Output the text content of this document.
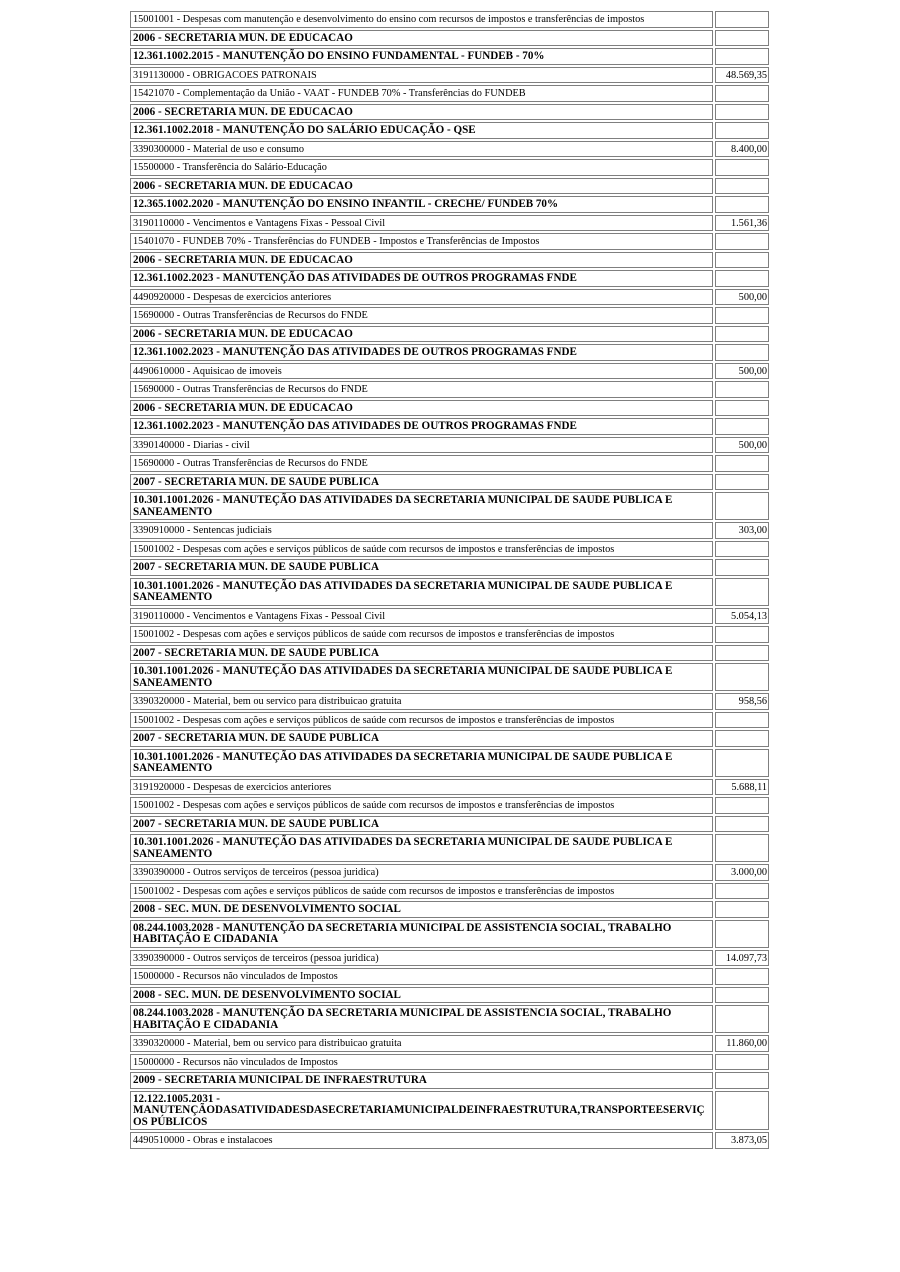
15001001 - Despesas com manutenção e desenvolvimento do ensino com recursos de impostos e transferências de impostos
2006 - SECRETARIA MUN. DE EDUCACAO
12.361.1002.2015 - MANUTENÇÃO DO ENSINO FUNDAMENTAL - FUNDEB - 70%
3191130000 - OBRIGACOES PATRONAIS	48.569,35
15421070 - Complementação da União - VAAT - FUNDEB 70% - Transferências do FUNDEB
2006 - SECRETARIA MUN. DE EDUCACAO
12.361.1002.2018 - MANUTENÇÃO DO SALÁRIO EDUCAÇÃO - QSE
3390300000 - Material de uso e consumo	8.400,00
15500000 - Transferência do Salário-Educação
2006 - SECRETARIA MUN. DE EDUCACAO
12.365.1002.2020 - MANUTENÇÃO DO ENSINO INFANTIL - CRECHE/ FUNDEB 70%
3190110000 - Vencimentos e Vantagens Fixas - Pessoal Civil	1.561,36
15401070 - FUNDEB 70% - Transferências do FUNDEB - Impostos e Transferências de Impostos
2006 - SECRETARIA MUN. DE EDUCACAO
12.361.1002.2023 - MANUTENÇÃO DAS ATIVIDADES DE OUTROS PROGRAMAS FNDE
4490920000 - Despesas de exercicios anteriores	500,00
15690000 - Outras Transferências de Recursos do FNDE
2006 - SECRETARIA MUN. DE EDUCACAO
12.361.1002.2023 - MANUTENÇÃO DAS ATIVIDADES DE OUTROS PROGRAMAS FNDE
4490610000 - Aquisicao de imoveis	500,00
15690000 - Outras Transferências de Recursos do FNDE
2006 - SECRETARIA MUN. DE EDUCACAO
12.361.1002.2023 - MANUTENÇÃO DAS ATIVIDADES DE OUTROS PROGRAMAS FNDE
3390140000 - Diarias - civil	500,00
15690000 - Outras Transferências de Recursos do FNDE
2007 - SECRETARIA MUN. DE SAUDE PUBLICA
10.301.1001.2026 - MANUTEÇÃO DAS ATIVIDADES DA SECRETARIA MUNICIPAL DE SAUDE PUBLICA E SANEAMENTO
3390910000 - Sentencas judiciais	303,00
15001002 - Despesas com ações e serviços públicos de saúde com recursos de impostos e transferências de impostos
2007 - SECRETARIA MUN. DE SAUDE PUBLICA
10.301.1001.2026 - MANUTEÇÃO DAS ATIVIDADES DA SECRETARIA MUNICIPAL DE SAUDE PUBLICA E SANEAMENTO
3190110000 - Vencimentos e Vantagens Fixas - Pessoal Civil	5.054,13
15001002 - Despesas com ações e serviços públicos de saúde com recursos de impostos e transferências de impostos
2007 - SECRETARIA MUN. DE SAUDE PUBLICA
10.301.1001.2026 - MANUTEÇÃO DAS ATIVIDADES DA SECRETARIA MUNICIPAL DE SAUDE PUBLICA E SANEAMENTO
3390320000 - Material, bem ou servico para distribuicao gratuita	958,56
15001002 - Despesas com ações e serviços públicos de saúde com recursos de impostos e transferências de impostos
2007 - SECRETARIA MUN. DE SAUDE PUBLICA
10.301.1001.2026 - MANUTEÇÃO DAS ATIVIDADES DA SECRETARIA MUNICIPAL DE SAUDE PUBLICA E SANEAMENTO
3191920000 - Despesas de exercicios anteriores	5.688,11
15001002 - Despesas com ações e serviços públicos de saúde com recursos de impostos e transferências de impostos
2007 - SECRETARIA MUN. DE SAUDE PUBLICA
10.301.1001.2026 - MANUTEÇÃO DAS ATIVIDADES DA SECRETARIA MUNICIPAL DE SAUDE PUBLICA E SANEAMENTO
3390390000 - Outros serviços de terceiros (pessoa juridica)	3.000,00
15001002 - Despesas com ações e serviços públicos de saúde com recursos de impostos e transferências de impostos
2008 - SEC. MUN. DE DESENVOLVIMENTO SOCIAL
08.244.1003.2028 - MANUTENÇÃO DA SECRETARIA MUNICIPAL DE ASSISTENCIA SOCIAL, TRABALHO HABITAÇÃO E CIDADANIA
3390390000 - Outros serviços de terceiros (pessoa juridica)	14.097,73
15000000 - Recursos não vinculados de Impostos
2008 - SEC. MUN. DE DESENVOLVIMENTO SOCIAL
08.244.1003.2028 - MANUTENÇÃO DA SECRETARIA MUNICIPAL DE ASSISTENCIA SOCIAL, TRABALHO HABITAÇÃO E CIDADANIA
3390320000 - Material, bem ou servico para distribuicao gratuita	11.860,00
15000000 - Recursos não vinculados de Impostos
2009 - SECRETARIA MUNICIPAL DE INFRAESTRUTURA
12.122.1005.2031 - MANUTENÇÃODASATIVIDADESDASECRETARIAMUNICIPALDEINFRAESTRUTURA,TRANSPORTEESERVIÇOS PÚBLICOS
4490510000 - Obras e instalacoes	3.873,05
